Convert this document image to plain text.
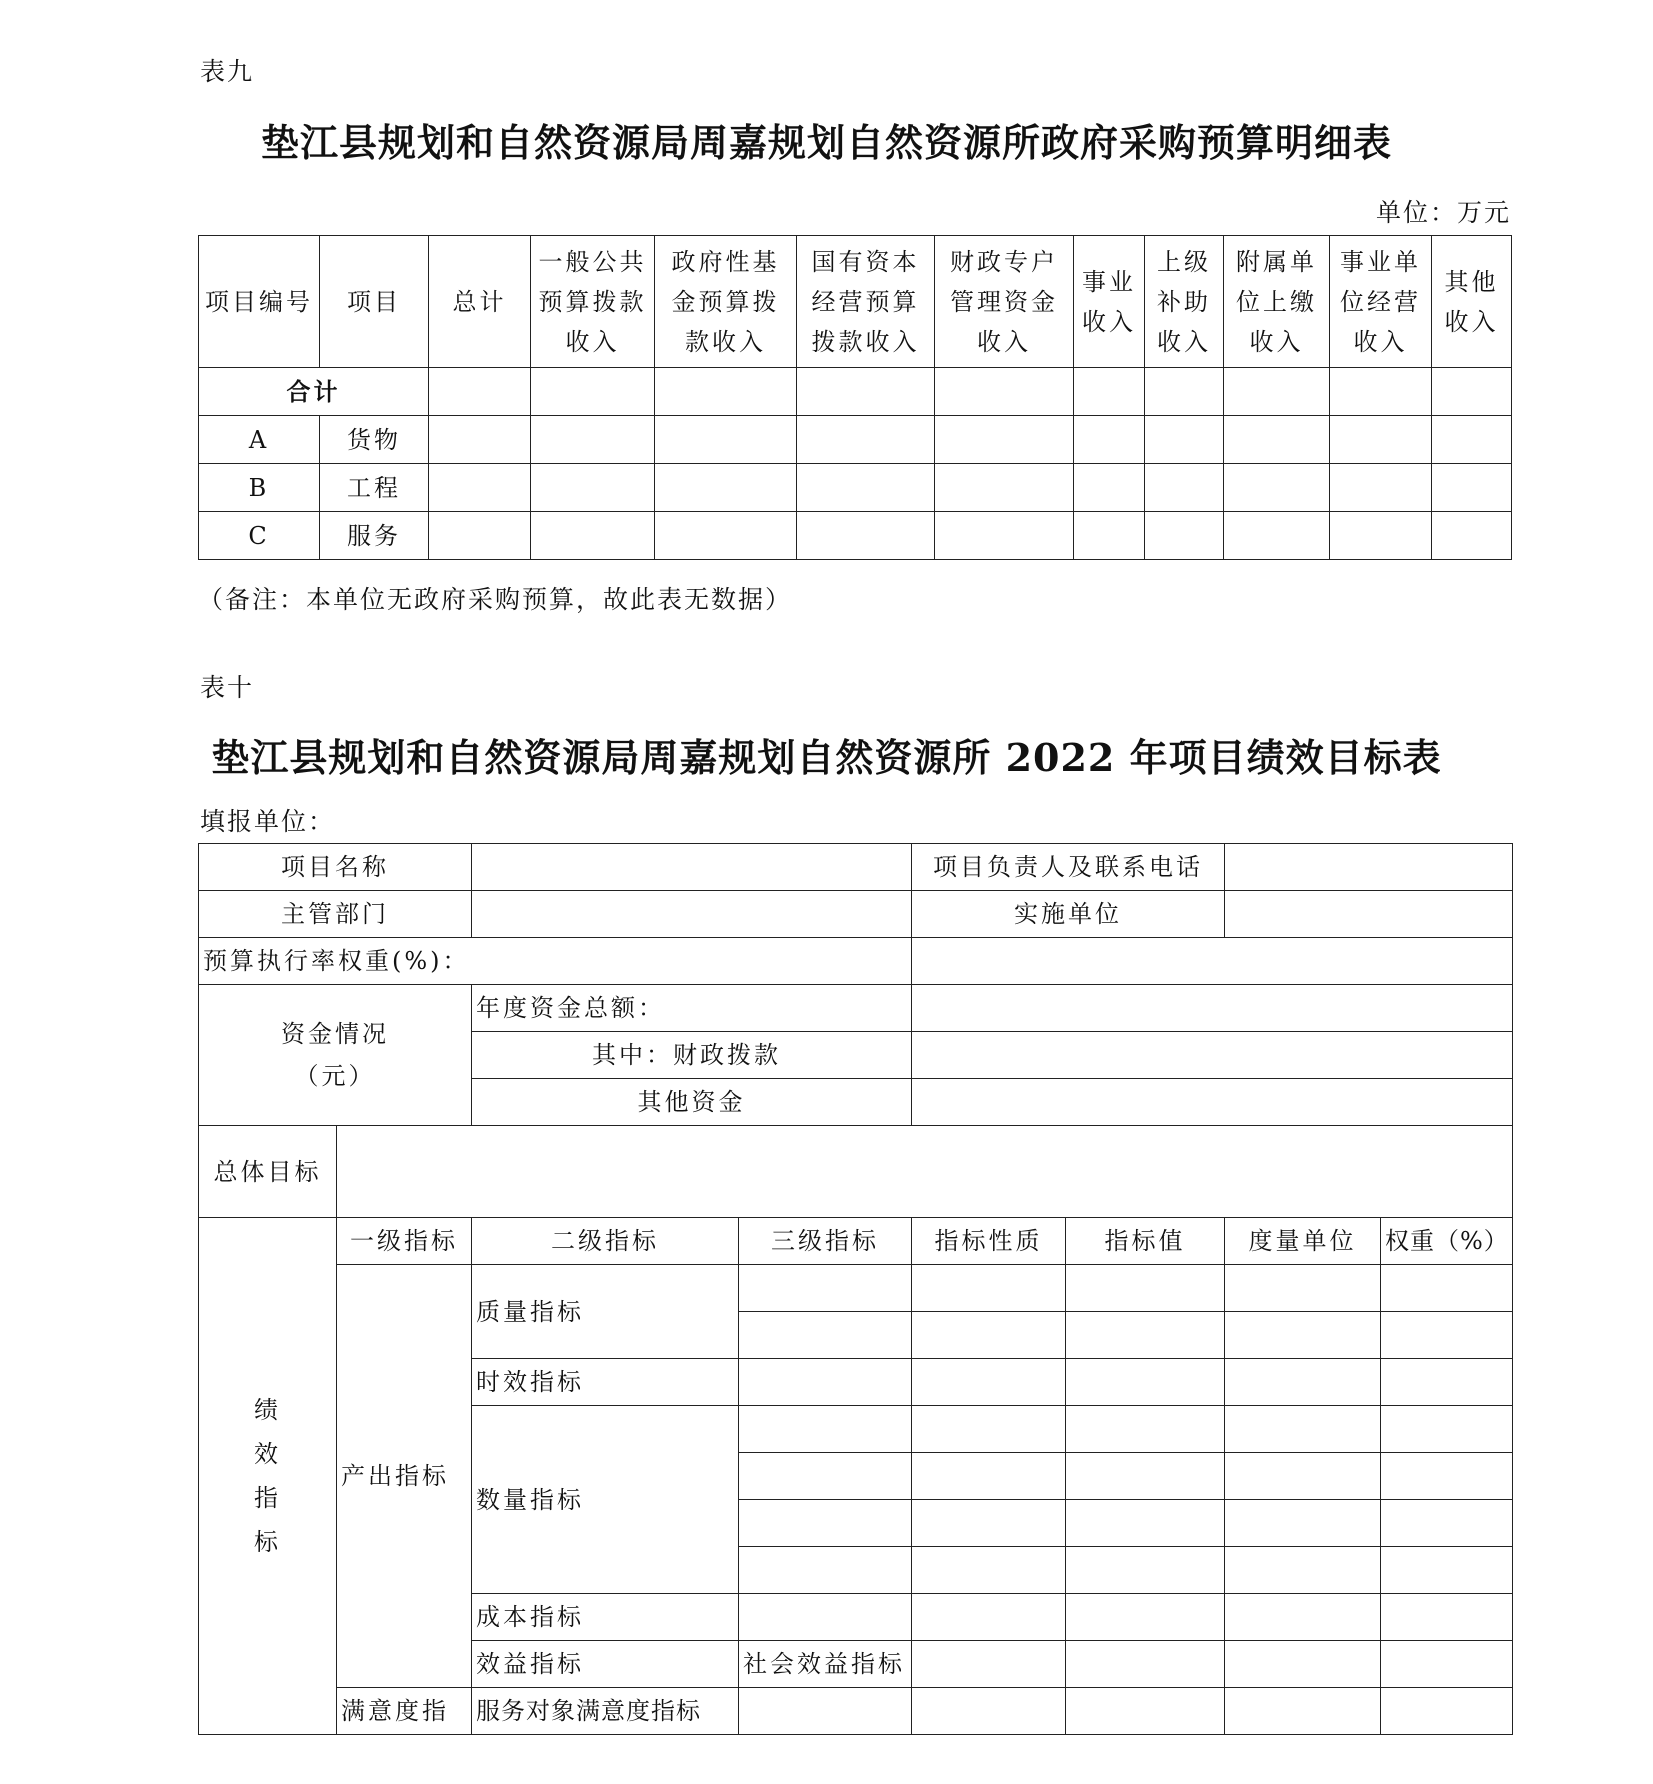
表九
垫江县规划和自然资源局周嘉规划自然资源所政府采购预算明细表
单位：万元
项目编号	项目	总计	一般公共预算拨款收入	政府性基金预算拨款收入	国有资本经营预算拨款收入	财政专户管理资金收入	事业收入	上级补助收入	附属单位上缴收入	事业单位经营收入	其他收入
合计											
A	货物										
B	工程										
C	服务										
（备注：本单位无政府采购预算，故此表无数据）
表十
垫江县规划和自然资源局周嘉规划自然资源所 2022 年项目绩效目标表
填报单位：
项目名称				项目负责人及联系电话				
主管部门				实施单位				
预算执行率权重(%)：								

资金情况
（元）		年度资金总额：						
		其中：财政拨款						
		其他资金						
总体目标								

绩效指标	一级指标	二级指标	三级指标	指标性质	指标值	度量单位	权重（%）	
	产出指标	质量指标						

		时效指标						
		数量指标						

		成本指标						
		效益指标	社会效益指标					
	满意度指	服务对象满意度指标						
